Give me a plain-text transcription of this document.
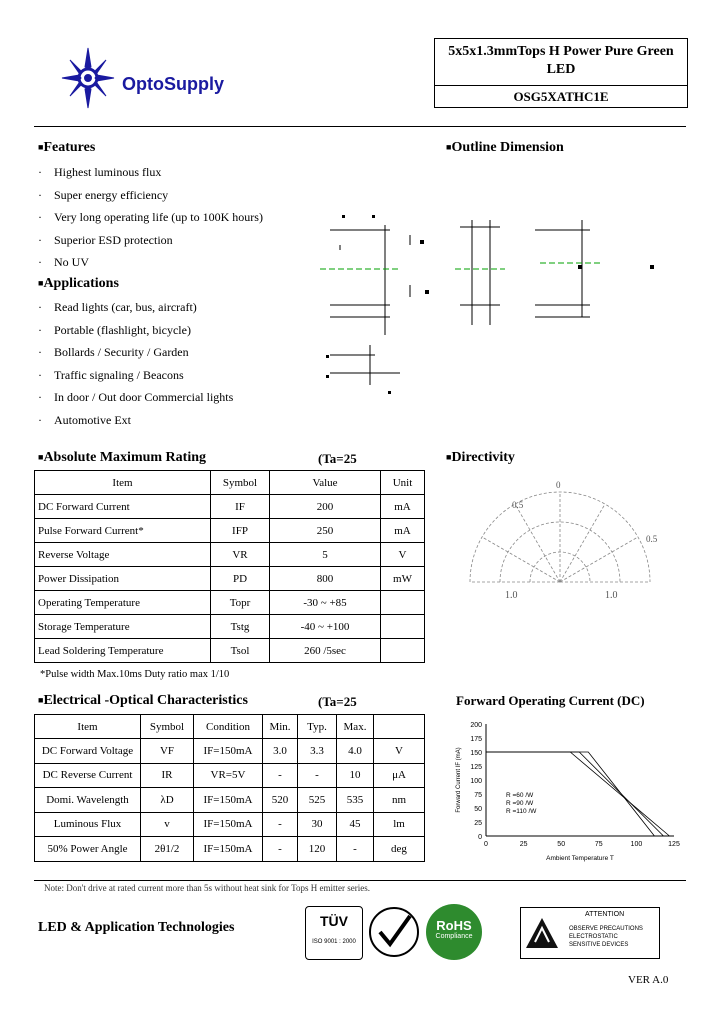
OptoSupply
5x5x1.3mmTops H Power Pure Green
LED
OSG5XATHC1E
■Features
· Highest luminous flux
· Super energy efficiency
· Very long operating life (up to 100K hours)
· Superior ESD protection
· No UV
■Applications
· Read lights (car, bus, aircraft)
· Portable (flashlight, bicycle)
· Bollards / Security / Garden
· Traffic signaling / Beacons
· In door / Out door Commercial lights
· Automotive Ext
■Outline Dimension
■Absolute Maximum Rating	(Ta=25
Item	Symbol	Value	Unit
DC Forward Current	IF	200	mA
Pulse Forward Current*	IFP	250	mA
Reverse Voltage	VR	5	V
Power Dissipation	PD	800	mW
Operating Temperature	Topr	-30 ~ +85	
Storage Temperature	Tstg	-40 ~ +100	
Lead Soldering Temperature	Tsol	260 /5sec	
*Pulse width Max.10ms Duty ratio max 1/10
■Directivity
1.0	1.0
0.5
0
0.5
■Electrical -Optical Characteristics	(Ta=25
Item	Symbol	Condition	Min.	Typ.	Max.	
DC Forward Voltage	VF	IF=150mA	3.0	3.3	4.0	V
DC Reverse Current	IR	VR=5V	-	-	10	μA
Domi. Wavelength	λD	IF=150mA	520	525	535	nm
Luminous Flux	v	IF=150mA	-	30	45	lm
50% Power Angle	2θ1/2	IF=150mA	-	120	-	deg
Forward Operating Current (DC)
0
25
50
75
100
125
150
175
200
0	25	50	75	100	125
Ambient Temperature T
Forward Current IF (mA)	R =60 /W
R =90 /W
R =110 /W
Note: Don't drive at rated current more than 5s without heat sink for Tops H emitter series.
LED & Application Technologies	TÜV
ISO 9001 : 2000
RoHS
Compliance
ATTENTION
OBSERVE PRECAUTIONS
ELECTROSTATIC
SENSITIVE DEVICES
VER A.0
